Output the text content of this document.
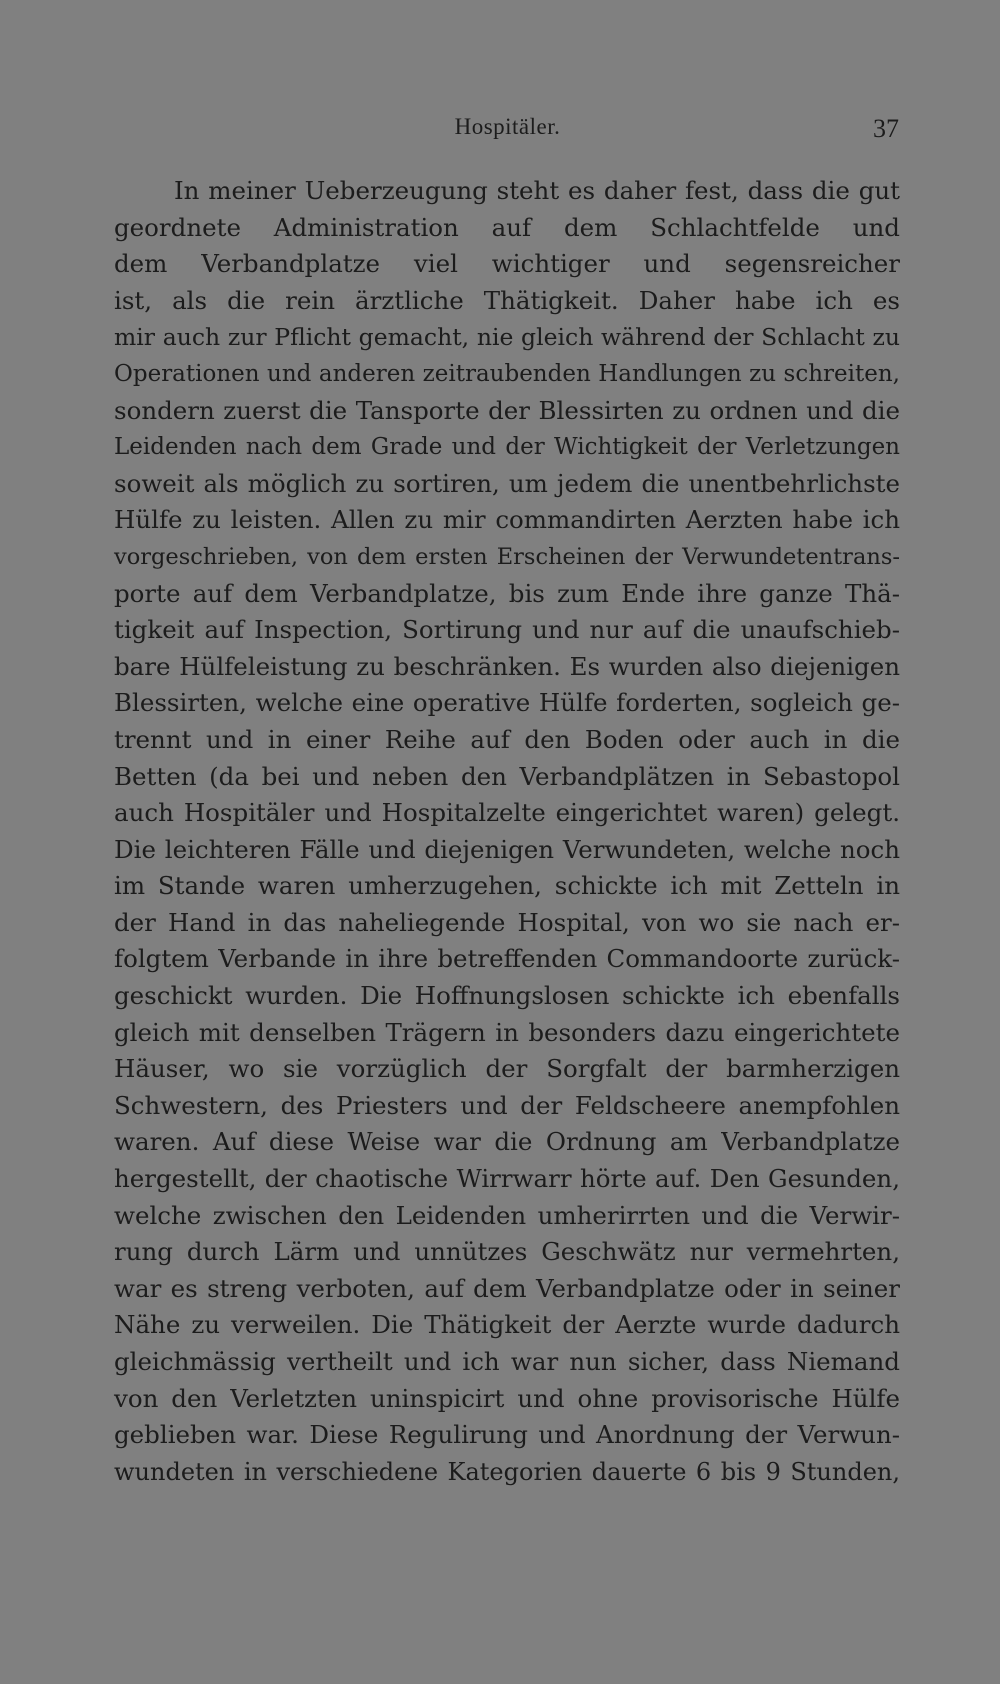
Hospitäler.	37
In meiner Ueberzeugung steht es daher fest, dass die gut
geordnete Administration auf dem Schlachtfelde und
dem Verbandplatze viel wichtiger und segensreicher
ist, als die rein ärztliche Thätigkeit. Daher habe ich es
mir auch zur Pflicht gemacht, nie gleich während der Schlacht zu
Operationen und anderen zeitraubenden Handlungen zu schreiten,
sondern zuerst die Tansporte der Blessirten zu ordnen und die
Leidenden nach dem Grade und der Wichtigkeit der Verletzungen
soweit als möglich zu sortiren, um jedem die unentbehrlichste
Hülfe zu leisten. Allen zu mir commandirten Aerzten habe ich
vorgeschrieben, von dem ersten Erscheinen der Verwundetentrans-
porte auf dem Verbandplatze, bis zum Ende ihre ganze Thä-
tigkeit auf Inspection, Sortirung und nur auf die unaufschieb-
bare Hülfeleistung zu beschränken. Es wurden also diejenigen
Blessirten, welche eine operative Hülfe forderten, sogleich ge-
trennt und in einer Reihe auf den Boden oder auch in die
Betten (da bei und neben den Verbandplätzen in Sebastopol
auch Hospitäler und Hospitalzelte eingerichtet waren) gelegt.
Die leichteren Fälle und diejenigen Verwundeten, welche noch
im Stande waren umherzugehen, schickte ich mit Zetteln in
der Hand in das naheliegende Hospital, von wo sie nach er-
folgtem Verbande in ihre betreffenden Commandoorte zurück-
geschickt wurden. Die Hoffnungslosen schickte ich ebenfalls
gleich mit denselben Trägern in besonders dazu eingerichtete
Häuser, wo sie vorzüglich der Sorgfalt der barmherzigen
Schwestern, des Priesters und der Feldscheere anempfohlen
waren. Auf diese Weise war die Ordnung am Verbandplatze
hergestellt, der chaotische Wirrwarr hörte auf. Den Gesunden,
welche zwischen den Leidenden umherirrten und die Verwir-
rung durch Lärm und unnützes Geschwätz nur vermehrten,
war es streng verboten, auf dem Verbandplatze oder in seiner
Nähe zu verweilen. Die Thätigkeit der Aerzte wurde dadurch
gleichmässig vertheilt und ich war nun sicher, dass Niemand
von den Verletzten uninspicirt und ohne provisorische Hülfe
geblieben war. Diese Regulirung und Anordnung der Verwun-
wundeten in verschiedene Kategorien dauerte 6 bis 9 Stunden,
